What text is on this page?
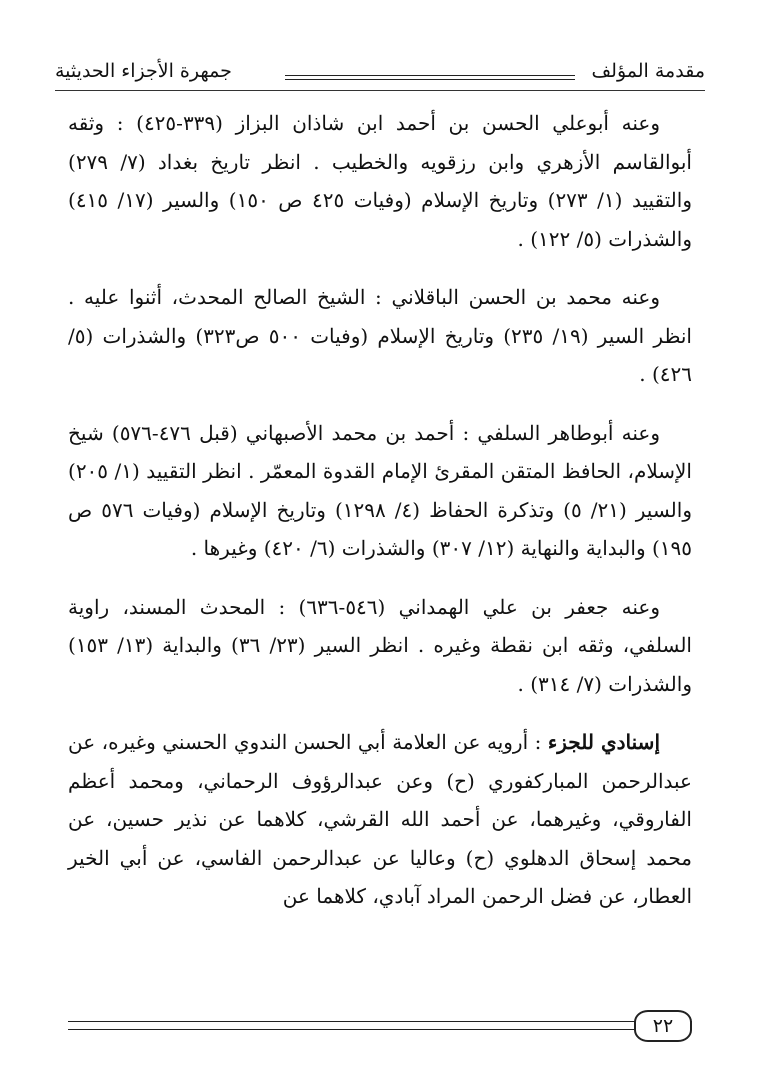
مقدمة المؤلف
جمهرة الأجزاء الحديثية

وعنه أبوعلي الحسن بن أحمد ابن شاذان البزاز (٣٣٩-٤٢٥) : وثقه أبوالقاسم الأزهري وابن رزقويه والخطيب . انظر تاريخ بغداد (٧/ ٢٧٩) والتقييد (١/ ٢٧٣) وتاريخ الإسلام (وفيات ٤٢٥ ص ١٥٠) والسير (١٧/ ٤١٥) والشذرات (٥/ ١٢٢) .

وعنه محمد بن الحسن الباقلاني : الشيخ الصالح المحدث، أثنوا عليه . انظر السير (١٩/ ٢٣٥) وتاريخ الإسلام (وفيات ٥٠٠ ص٣٢٣) والشذرات (٥/ ٤٢٦) .

وعنه أبوطاهر السلفي : أحمد بن محمد الأصبهاني (قبل ٤٧٦-٥٧٦) شيخ الإسلام، الحافظ المتقن المقرئ الإمام القدوة المعمّر . انظر التقييد (١/ ٢٠٥) والسير (٢١/ ٥) وتذكرة الحفاظ (٤/ ١٢٩٨) وتاريخ الإسلام (وفيات ٥٧٦ ص ١٩٥) والبداية والنهاية (١٢/ ٣٠٧) والشذرات (٦/ ٤٢٠) وغيرها .

وعنه جعفر بن علي الهمداني (٥٤٦-٦٣٦) : المحدث المسند، راوية السلفي، وثقه ابن نقطة وغيره . انظر السير (٢٣/ ٣٦) والبداية (١٣/ ١٥٣) والشذرات (٧/ ٣١٤) .

إسنادي للجزء : أرويه عن العلامة أبي الحسن الندوي الحسني وغيره، عن عبدالرحمن المباركفوري (ح) وعن عبدالرؤوف الرحماني، ومحمد أعظم الفاروقي، وغيرهما، عن أحمد الله القرشي، كلاهما عن نذير حسين، عن محمد إسحاق الدهلوي (ح) وعاليا عن عبدالرحمن الفاسي، عن أبي الخير العطار، عن فضل الرحمن المراد آبادي، كلاهما عن

٢٢
